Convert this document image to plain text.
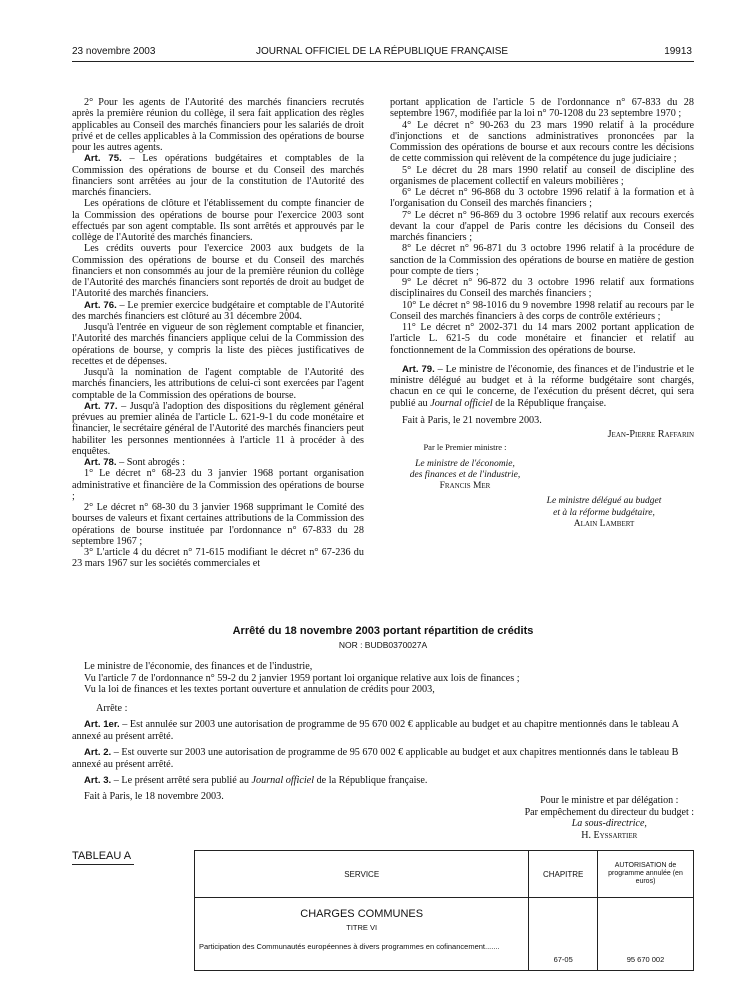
23 novembre 2003	JOURNAL OFFICIEL DE LA RÉPUBLIQUE FRANÇAISE	19913

2° Pour les agents de l'Autorité des marchés financiers recrutés après la première réunion du collège, il sera fait application des règles applicables au Conseil des marchés financiers pour les salariés de droit privé et de celles applicables à la Commission des opérations de bourse pour les autres agents.

Art. 75. – Les opérations budgétaires et comptables de la Commission des opérations de bourse et du Conseil des marchés financiers sont arrêtées au jour de la constitution de l'Autorité des marchés financiers.

Les opérations de clôture et l'établissement du compte financier de la Commission des opérations de bourse pour l'exercice 2003 sont effectués par son agent comptable. Ils sont arrêtés et approuvés par le collège de l'Autorité des marchés financiers.

Les crédits ouverts pour l'exercice 2003 aux budgets de la Commission des opérations de bourse et du Conseil des marchés financiers et non consommés au jour de la première réunion du collège de l'Autorité des marchés financiers sont reportés de droit au budget de l'Autorité des marchés financiers.

Art. 76. – Le premier exercice budgétaire et comptable de l'Autorité des marchés financiers est clôturé au 31 décembre 2004.

Jusqu'à l'entrée en vigueur de son règlement comptable et financier, l'Autorité des marchés financiers applique celui de la Commission des opérations de bourse, y compris la liste des pièces justificatives de recettes et de dépenses.

Jusqu'à la nomination de l'agent comptable de l'Autorité des marchés financiers, les attributions de celui-ci sont exercées par l'agent comptable de la Commission des opérations de bourse.

Art. 77. – Jusqu'à l'adoption des dispositions du règlement général prévues au premier alinéa de l'article L. 621-9-1 du code monétaire et financier, le secrétaire général de l'Autorité des marchés financiers peut habiliter les personnes mentionnées à l'article 11 à procéder à des enquêtes.

Art. 78. – Sont abrogés :

1° Le décret n° 68-23 du 3 janvier 1968 portant organisation administrative et financière de la Commission des opérations de bourse ;

2° Le décret n° 68-30 du 3 janvier 1968 supprimant le Comité des bourses de valeurs et fixant certaines attributions de la Commission des opérations de bourse instituée par l'ordonnance n° 67-833 du 28 septembre 1967 ;

3° L'article 4 du décret n° 71-615 modifiant le décret n° 67-236 du 23 mars 1967 sur les sociétés commerciales et

portant application de l'article 5 de l'ordonnance n° 67-833 du 28 septembre 1967, modifiée par la loi n° 70-1208 du 23 septembre 1970 ;

4° Le décret n° 90-263 du 23 mars 1990 relatif à la procédure d'injonctions et de sanctions administratives prononcées par la Commission des opérations de bourse et aux recours contre les décisions de cette commission qui relèvent de la compétence du juge judiciaire ;

5° Le décret du 28 mars 1990 relatif au conseil de discipline des organismes de placement collectif en valeurs mobilières ;

6° Le décret n° 96-868 du 3 octobre 1996 relatif à la formation et à l'organisation du Conseil des marchés financiers ;

7° Le décret n° 96-869 du 3 octobre 1996 relatif aux recours exercés devant la cour d'appel de Paris contre les décisions du Conseil des marchés financiers ;

8° Le décret n° 96-871 du 3 octobre 1996 relatif à la procédure de sanction de la Commission des opérations de bourse en matière de gestion pour compte de tiers ;

9° Le décret n° 96-872 du 3 octobre 1996 relatif aux formations disciplinaires du Conseil des marchés financiers ;

10° Le décret n° 98-1016 du 9 novembre 1998 relatif au recours par le Conseil des marchés financiers à des corps de contrôle extérieurs ;

11° Le décret n° 2002-371 du 14 mars 2002 portant application de l'article L. 621-5 du code monétaire et financier et relatif au fonctionnement de la Commission des opérations de bourse.

Art. 79. – Le ministre de l'économie, des finances et de l'industrie et le ministre délégué au budget et à la réforme budgétaire sont chargés, chacun en ce qui le concerne, de l'exécution du présent décret, qui sera publié au Journal officiel de la République française.

Fait à Paris, le 21 novembre 2003.

Jean-Pierre Raffarin

Par le Premier ministre :
Le ministre de l'économie,
des finances et de l'industrie,
Francis Mer
Le ministre délégué au budget
et à la réforme budgétaire,
Alain Lambert

Arrêté du 18 novembre 2003 portant répartition de crédits

NOR : BUDB0370027A

Le ministre de l'économie, des finances et de l'industrie,

Vu l'article 7 de l'ordonnance n° 59-2 du 2 janvier 1959 portant loi organique relative aux lois de finances ;

Vu la loi de finances et les textes portant ouverture et annulation de crédits pour 2003,

Arrête :

Art. 1er. – Est annulée sur 2003 une autorisation de programme de 95 670 002 € applicable au budget et au chapitre mentionnés dans le tableau A annexé au présent arrêté.

Art. 2. – Est ouverte sur 2003 une autorisation de programme de 95 670 002 € applicable au budget et aux chapitres mentionnés dans le tableau B annexé au présent arrêté.

Art. 3. – Le présent arrêté sera publié au Journal officiel de la République française.

Fait à Paris, le 18 novembre 2003.	Pour le ministre et par délégation :
Par empêchement du directeur du budget :
La sous-directrice,
H. Eyssartier
TABLEAU A
SERVICE	CHAPITRE	AUTORISATION de programme annulée (en euros)

CHARGES COMMUNES
TITRE VI
Participation des Communautés européennes à divers programmes en cofinancement.......	67-05	95 670 002
